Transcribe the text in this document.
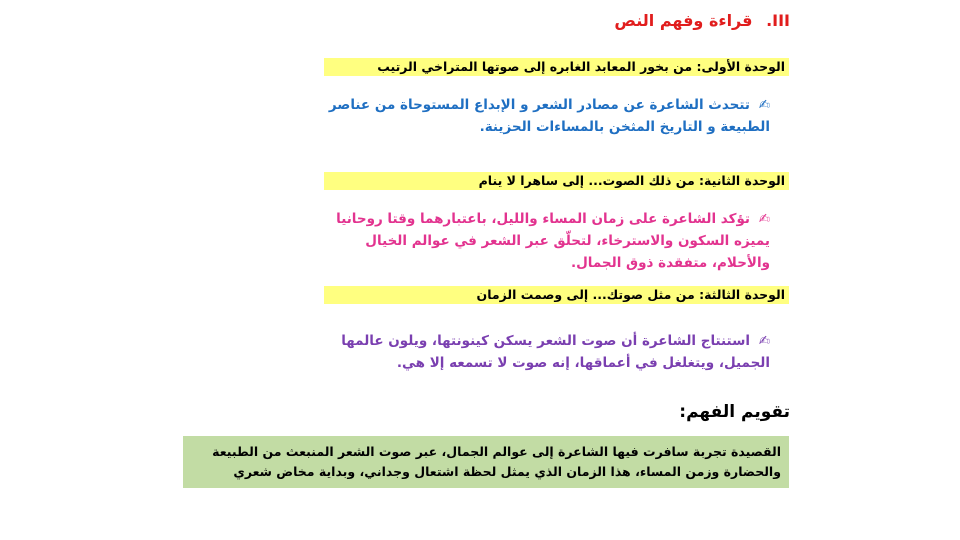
III. قراءة وفهم النص
الوحدة الأولى: من بخور المعابد الغابره إلى صوتها المتراخي الرتيب
✍ تتحدث الشاعرة عن مصادر الشعر و الإبداع المستوحاة من عناصر الطبيعة و التاريخ المثخن بالمساءات الحزينة.
الوحدة الثانية: من ذلك الصوت... إلى ساهرا لا ينام
✍ تؤكد الشاعرة على زمان المساء والليل، باعتبارهما وقتا روحانيا يميزه السكون والاسترخاء، لتحلّق عبر الشعر في عوالم الخيال والأحلام، متفقدة ذوق الجمال.
الوحدة الثالثة: من مثل صوتك... إلى وصمت الزمان
✍ استنتاج الشاعرة أن صوت الشعر يسكن كينونتها، ويلون عالمها الجميل، ويتغلغل في أعماقها، إنه صوت لا تسمعه إلا هي.
تقويم الفهم:
القصيدة تجربة سافرت فيها الشاعرة إلى عوالم الجمال، عبر صوت الشعر المنبعث من الطبيعة والحضارة وزمن المساء، هذا الزمان الذي يمثل لحظة اشتعال وجداني، وبداية مخاض شعري
